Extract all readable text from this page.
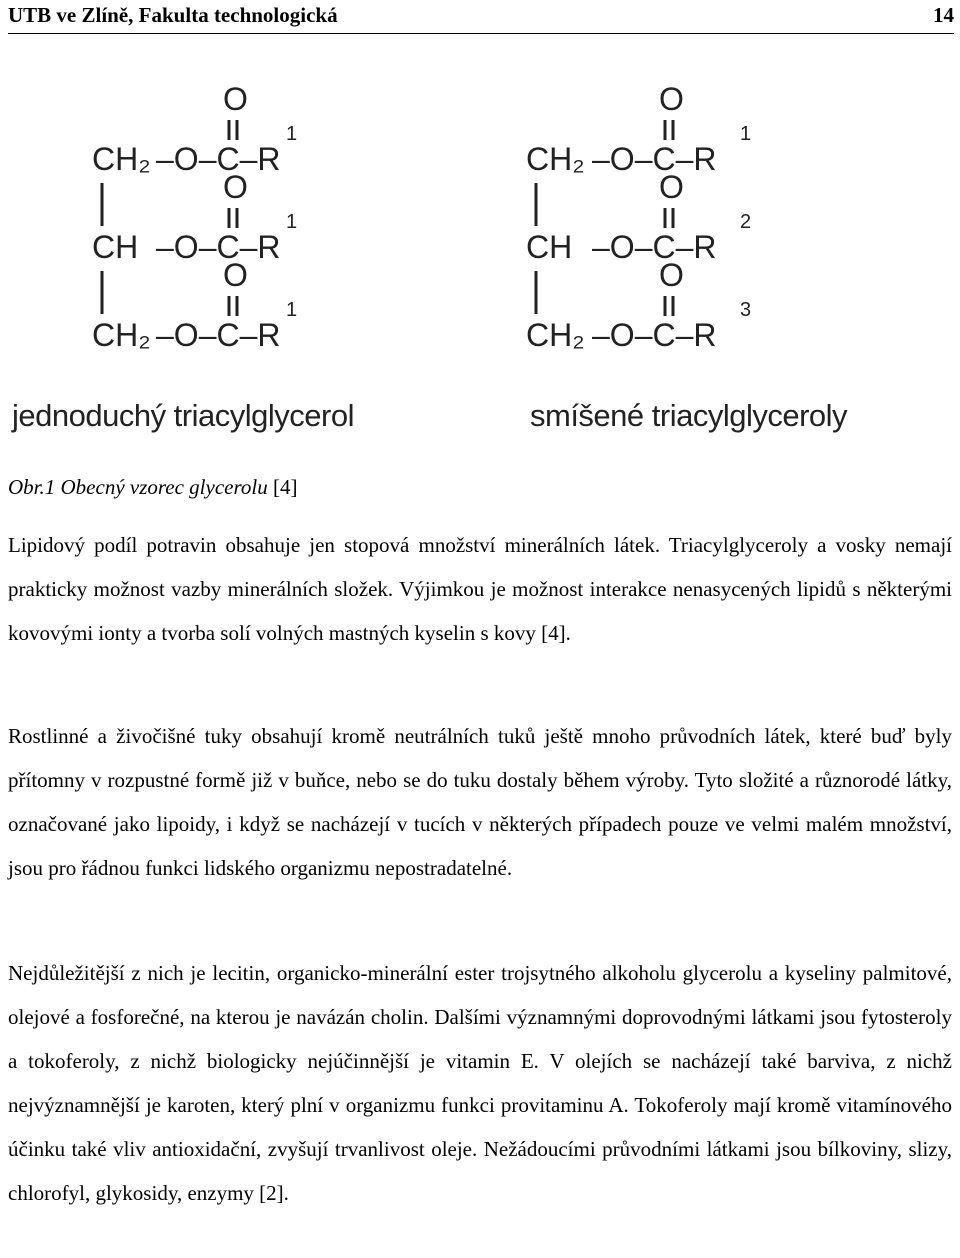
UTB ve Zlíně, Fakulta technologická	14
O
CH₂ –O–C–R
1
O
CH –O–C–R
1
O
CH₂ –O–C–R
1
jednoduchý triacylglycerol
O
CH₂ –O–C–R
1
O
CH –O–C–R
2
O
CH₂ –O–C–R
3
smíšené triacylglyceroly
Obr.1 Obecný vzorec glycerolu [4]

Lipidový podíl potravin obsahuje jen stopová množství minerálních látek. Triacylglyceroly a vosky nemají prakticky možnost vazby minerálních složek. Výjimkou je možnost interakce nenasycených lipidů s některými kovovými ionty a tvorba solí volných mastných kyselin s kovy [4].

Rostlinné a živočišné tuky obsahují kromě neutrálních tuků ještě mnoho průvodních látek, které buď byly přítomny v rozpustné formě již v buňce, nebo se do tuku dostaly během výroby. Tyto složité a různorodé látky, označované jako lipoidy, i když se nacházejí v tucích v některých případech pouze ve velmi malém množství, jsou pro řádnou funkci lidského organizmu nepostradatelné.

Nejdůležitější z nich je lecitin, organicko-minerální ester trojsytného alkoholu glycerolu a kyseliny palmitové, olejové a fosforečné, na kterou je navázán cholin. Dalšími významnými doprovodnými látkami jsou fytosteroly a tokoferoly, z nichž biologicky nejúčinnější je vitamin E. V olejích se nacházejí také barviva, z nichž nejvýznamnější je karoten, který plní v organizmu funkci provitaminu A. Tokoferoly mají kromě vitamínového účinku také vliv antioxidační, zvyšují trvanlivost oleje. Nežádoucími průvodními látkami jsou bílkoviny, slizy, chlorofyl, glykosidy, enzymy [2].
